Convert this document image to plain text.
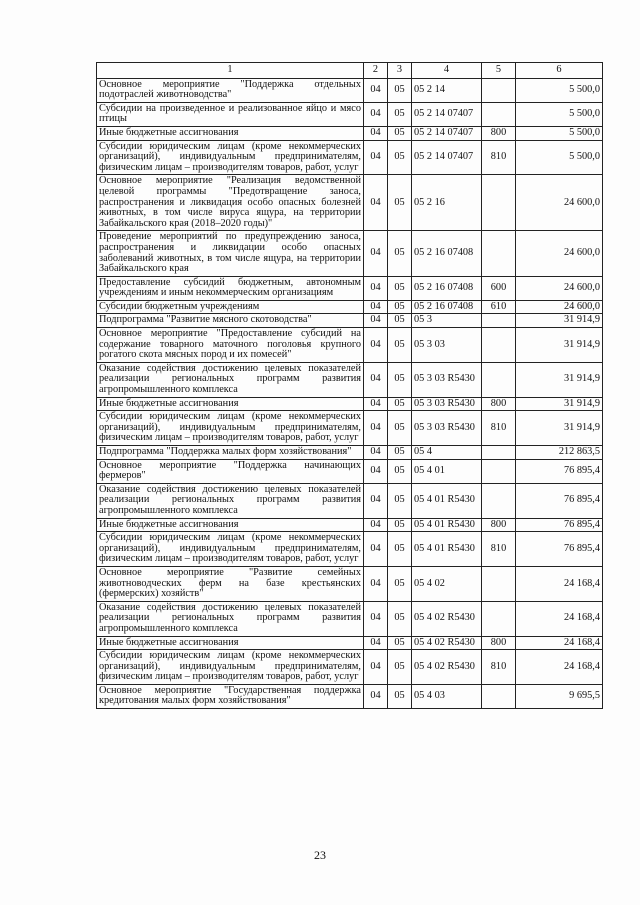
1	2	3	4	5	6
Основное мероприятие "Поддержка отдельных подотраслей животноводства"	04	05	05 2 14		5 500,0
Субсидии на произведенное и реализованное яйцо и мясо птицы	04	05	05 2 14 07407		5 500,0
Иные бюджетные ассигнования	04	05	05 2 14 07407	800	5 500,0
Субсидии юридическим лицам (кроме некоммерческих организаций), индивидуальным предпринимателям, физическим лицам – производителям товаров, работ, услуг	04	05	05 2 14 07407	810	5 500,0
Основное мероприятие "Реализация ведомственной целевой программы "Предотвращение заноса, распространения и ликвидация особо опасных болезней животных, в том числе вируса ящура, на территории Забайкальского края (2018–2020 годы)"	04	05	05 2 16		24 600,0
Проведение мероприятий по предупреждению заноса, распространения и ликвидации особо опасных заболеваний животных, в том числе ящура, на территории Забайкальского края	04	05	05 2 16 07408		24 600,0
Предоставление субсидий бюджетным, автономным учреждениям и иным некоммерческим организациям	04	05	05 2 16 07408	600	24 600,0
Субсидии бюджетным учреждениям	04	05	05 2 16 07408	610	24 600,0
Подпрограмма "Развитие мясного скотоводства"	04	05	05 3		31 914,9
Основное мероприятие "Предоставление субсидий на содержание товарного маточного поголовья крупного рогатого скота мясных пород и их помесей"	04	05	05 3 03		31 914,9
Оказание содействия достижению целевых показателей реализации региональных программ развития агропромышленного комплекса	04	05	05 3 03 R5430		31 914,9
Иные бюджетные ассигнования	04	05	05 3 03 R5430	800	31 914,9
Субсидии юридическим лицам (кроме некоммерческих организаций), индивидуальным предпринимателям, физическим лицам – производителям товаров, работ, услуг	04	05	05 3 03 R5430	810	31 914,9
Подпрограмма "Поддержка малых форм хозяйствования"	04	05	05 4		212 863,5
Основное мероприятие "Поддержка начинающих фермеров"	04	05	05 4 01		76 895,4
Оказание содействия достижению целевых показателей реализации региональных программ развития агропромышленного комплекса	04	05	05 4 01 R5430		76 895,4
Иные бюджетные ассигнования	04	05	05 4 01 R5430	800	76 895,4
Субсидии юридическим лицам (кроме некоммерческих организаций), индивидуальным предпринимателям, физическим лицам – производителям товаров, работ, услуг	04	05	05 4 01 R5430	810	76 895,4
Основное мероприятие "Развитие семейных животноводческих ферм на базе крестьянских (фермерских) хозяйств"	04	05	05 4 02		24 168,4
Оказание содействия достижению целевых показателей реализации региональных программ развития агропромышленного комплекса	04	05	05 4 02 R5430		24 168,4
Иные бюджетные ассигнования	04	05	05 4 02 R5430	800	24 168,4
Субсидии юридическим лицам (кроме некоммерческих организаций), индивидуальным предпринимателям, физическим лицам – производителям товаров, работ, услуг	04	05	05 4 02 R5430	810	24 168,4
Основное мероприятие "Государственная поддержка кредитования малых форм хозяйствования"	04	05	05 4 03		9 695,5
23
